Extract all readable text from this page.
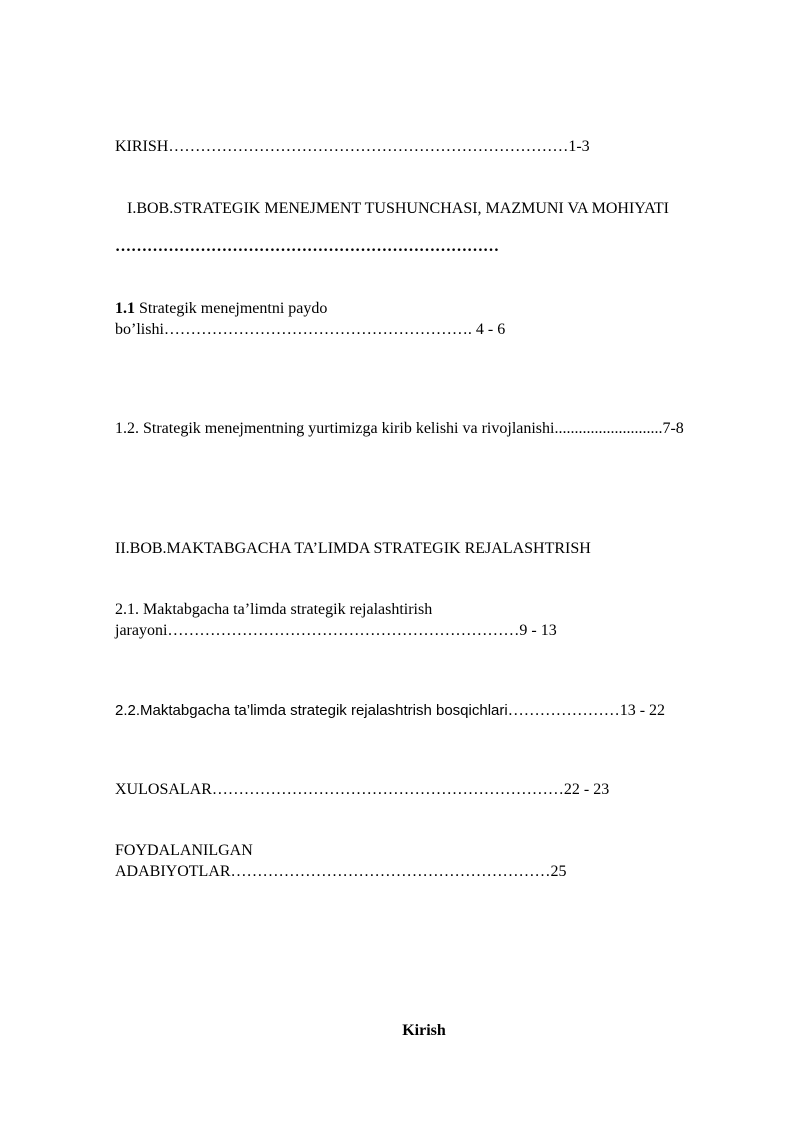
KIRISH…………………………………………………………………1-3
I.BOB.STRATEGIK MENEJMENT TUSHUNCHASI, MAZMUNI VA MOHIYATI
………………………………………………………………
1.1 Strategik menejmentni paydo
bo’lishi…………………………………………………. 4 - 6
1.2. Strategik menejmentning yurtimizga kirib kelishi va rivojlanishi...........................7-8
II.BOB.MAKTABGACHA TA’LIMDA STRATEGIK REJALASHTRISH
2.1. Maktabgacha ta’limda strategik rejalashtirish
jarayoni…………………………………………………………9 - 13
2.2.Maktabgacha ta’limda strategik rejalashtrish bosqichlari…………………13 - 22
XULOSALAR…………………………………………………………22 - 23
FOYDALANILGAN
ADABIYOTLAR……………………………………………………25
Kirish
